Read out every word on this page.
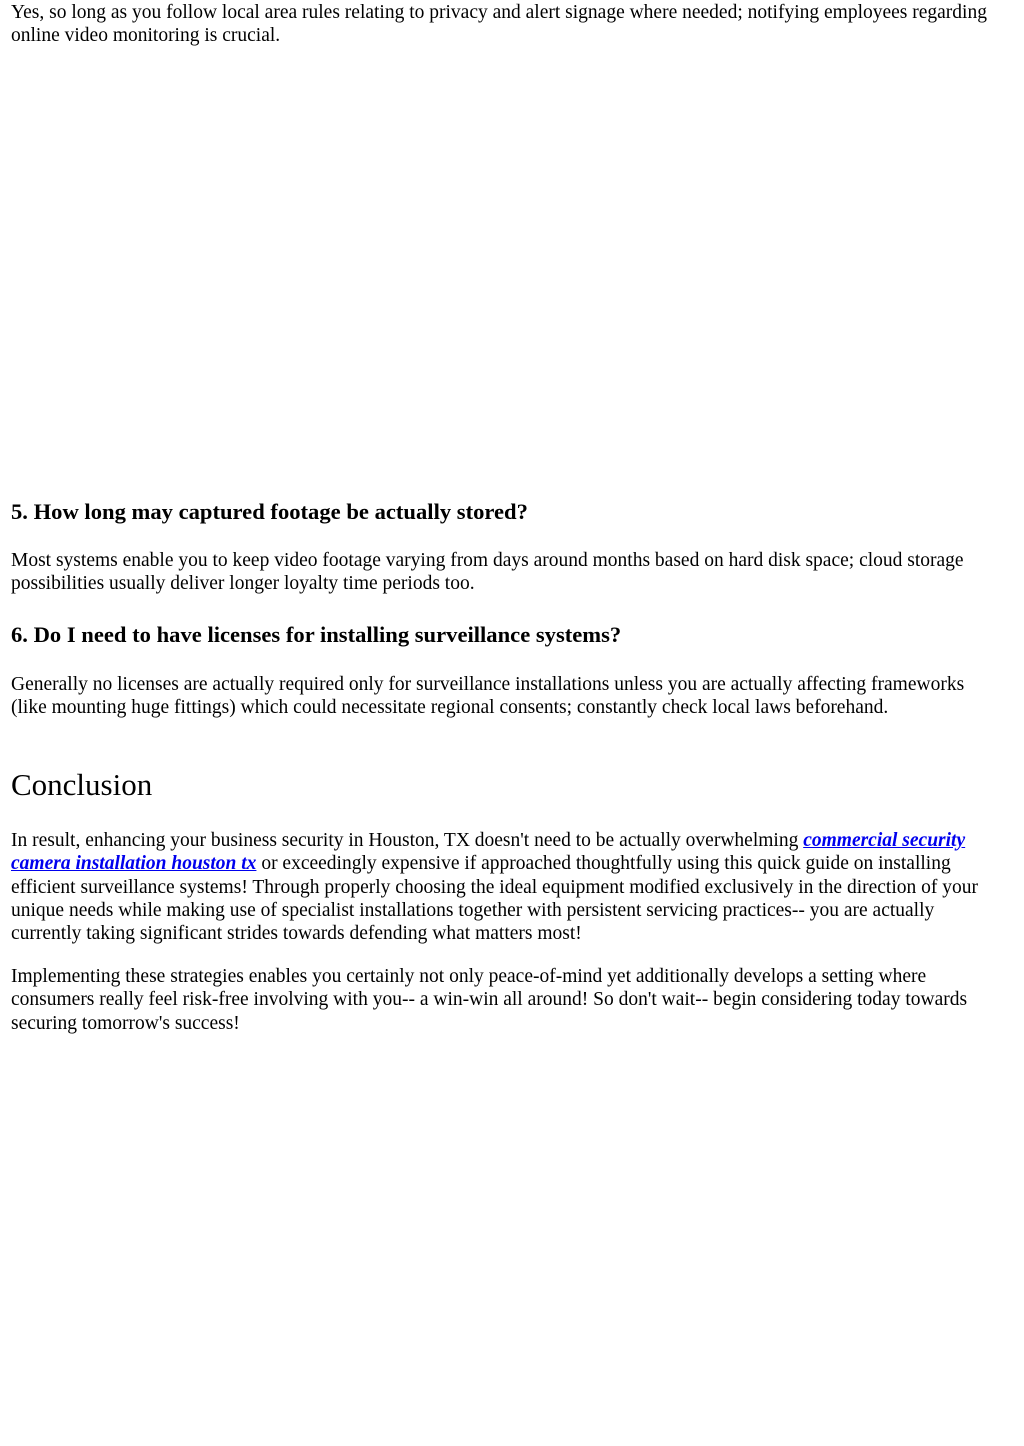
Yes, so long as you follow local area rules relating to privacy and alert signage where needed; notifying employees regarding online video monitoring is crucial.

5. How long may captured footage be actually stored?

Most systems enable you to keep video footage varying from days around months based on hard disk space; cloud storage possibilities usually deliver longer loyalty time periods too.

6. Do I need to have licenses for installing surveillance systems?

Generally no licenses are actually required only for surveillance installations unless you are actually affecting frameworks (like mounting huge fittings) which could necessitate regional consents; constantly check local laws beforehand.

Conclusion

In result, enhancing your business security in Houston, TX doesn't need to be actually overwhelming commercial security camera installation houston tx or exceedingly expensive if approached thoughtfully using this quick guide on installing efficient surveillance systems! Through properly choosing the ideal equipment modified exclusively in the direction of your unique needs while making use of specialist installations together with persistent servicing practices-- you are actually currently taking significant strides towards defending what matters most!

Implementing these strategies enables you certainly not only peace-of-mind yet additionally develops a setting where consumers really feel risk-free involving with you-- a win-win all around! So don't wait-- begin considering today towards securing tomorrow's success!
